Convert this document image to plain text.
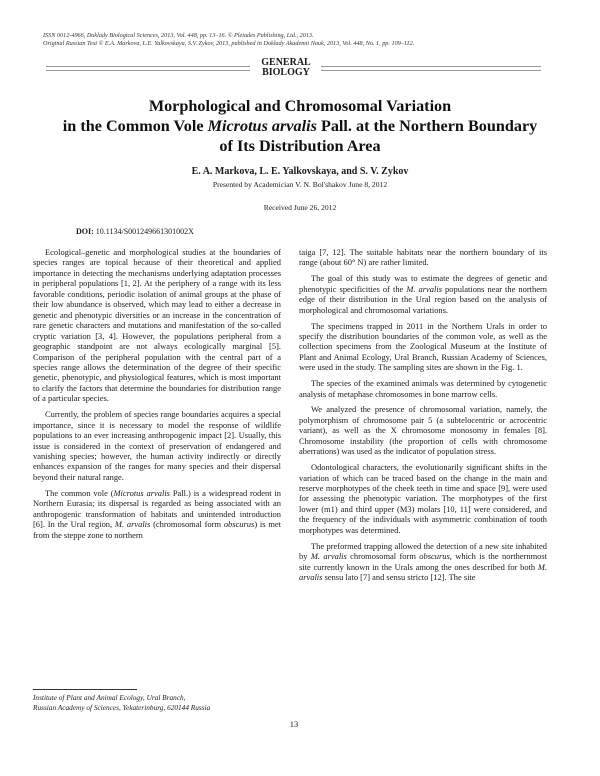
ISSN 0012-4966, Doklady Biological Sciences, 2013, Vol. 448, pp. 13–16. © Pleiades Publishing, Ltd., 2013.
Original Russian Text © E.A. Markova, L.E. Yalkovskaya, S.V. Zykov, 2013, published in Doklady Akademii Nauk, 2013, Vol. 448, No. 1, pp. 109–112.
GENERAL
BIOLOGY
Morphological and Chromosomal Variation
in the Common Vole Microtus arvalis Pall. at the Northern Boundary
of Its Distribution Area
E. A. Markova, L. E. Yalkovskaya, and S. V. Zykov
Presented by Academician V. N. Bol'shakov June 8, 2012
Received June 26, 2012
DOI: 10.1134/S001249661301002X

Ecological–genetic and morphological studies at the boundaries of species ranges are topical because of their theoretical and applied importance in detecting the mechanisms underlying adaptation processes in peripheral populations [1, 2]. At the periphery of a range with its less favorable conditions, periodic isolation of animal groups at the phase of their low abundance is observed, which may lead to either a decrease in genetic and phenotypic diversities or an increase in the concentration of rare genetic characters and mutations and manifestation of the so-called cryptic variation [3, 4]. However, the populations peripheral from a geographic standpoint are not always ecologically marginal [5]. Comparison of the peripheral population with the central part of a species range allows the determination of the degree of their specific genetic, phenotypic, and physiological features, which is most important to clarify the factors that determine the boundaries for distribution range of a particular species.

Currently, the problem of species range boundaries acquires a special importance, since it is necessary to model the response of wildlife populations to an ever increasing anthropogenic impact [2]. Usually, this issue is considered in the context of preservation of endangered and vanishing species; however, the human activity indirectly or directly enhances expansion of the ranges for many species and their dispersal beyond their natural range.

The common vole (Microtus arvalis Pall.) is a widespread rodent in Northern Eurasia; its dispersal is regarded as being associated with an anthropogenic transformation of habitats and unintended introduction [6]. In the Ural region, M. arvalis (chromosomal form obscurus) is met from the steppe zone to northern

taiga [7, 12]. The suitable habitats near the northern boundary of its range (about 60° N) are rather limited.

The goal of this study was to estimate the degrees of genetic and phenotypic specificities of the M. arvalis populations near the northern edge of their distribution in the Ural region based on the analysis of morphological and chromosomal variations.

The specimens trapped in 2011 in the Northern Urals in order to specify the distribution boundaries of the common vole, as well as the collection specimens from the Zoological Museum at the Institute of Plant and Animal Ecology, Ural Branch, Russian Academy of Sciences, were used in the study. The sampling sites are shown in the Fig. 1.

The species of the examined animals was determined by cytogenetic analysis of metaphase chromosomes in bone marrow cells.

We analyzed the presence of chromosomal variation, namely, the polymorphism of chromosome pair 5 (a subtelocentric or acrocentric variant), as well as the X chromosome monosomy in females [8]. Chromosome instability (the proportion of cells with chromosome aberrations) was used as the indicator of population stress.

Odontological characters, the evolutionarily significant shifts in the variation of which can be traced based on the change in the main and reserve morphotypes of the cheek teeth in time and space [9], were used for assessing the phenotypic variation. The morphotypes of the first lower (m1) and third upper (M3) molars [10, 11] were considered, and the frequency of the individuals with asymmetric combination of tooth morphotypes was determined.

The preformed trapping allowed the detection of a new site inhabited by M. arvalis chromosomal form obscurus, which is the northernmost site currently known in the Urals among the ones described for both M. arvalis sensu lato [7] and sensu stricto [12]. The site

Institute of Plant and Animal Ecology, Ural Branch,
Russian Academy of Sciences, Yekaterinburg, 620144 Russia
13
